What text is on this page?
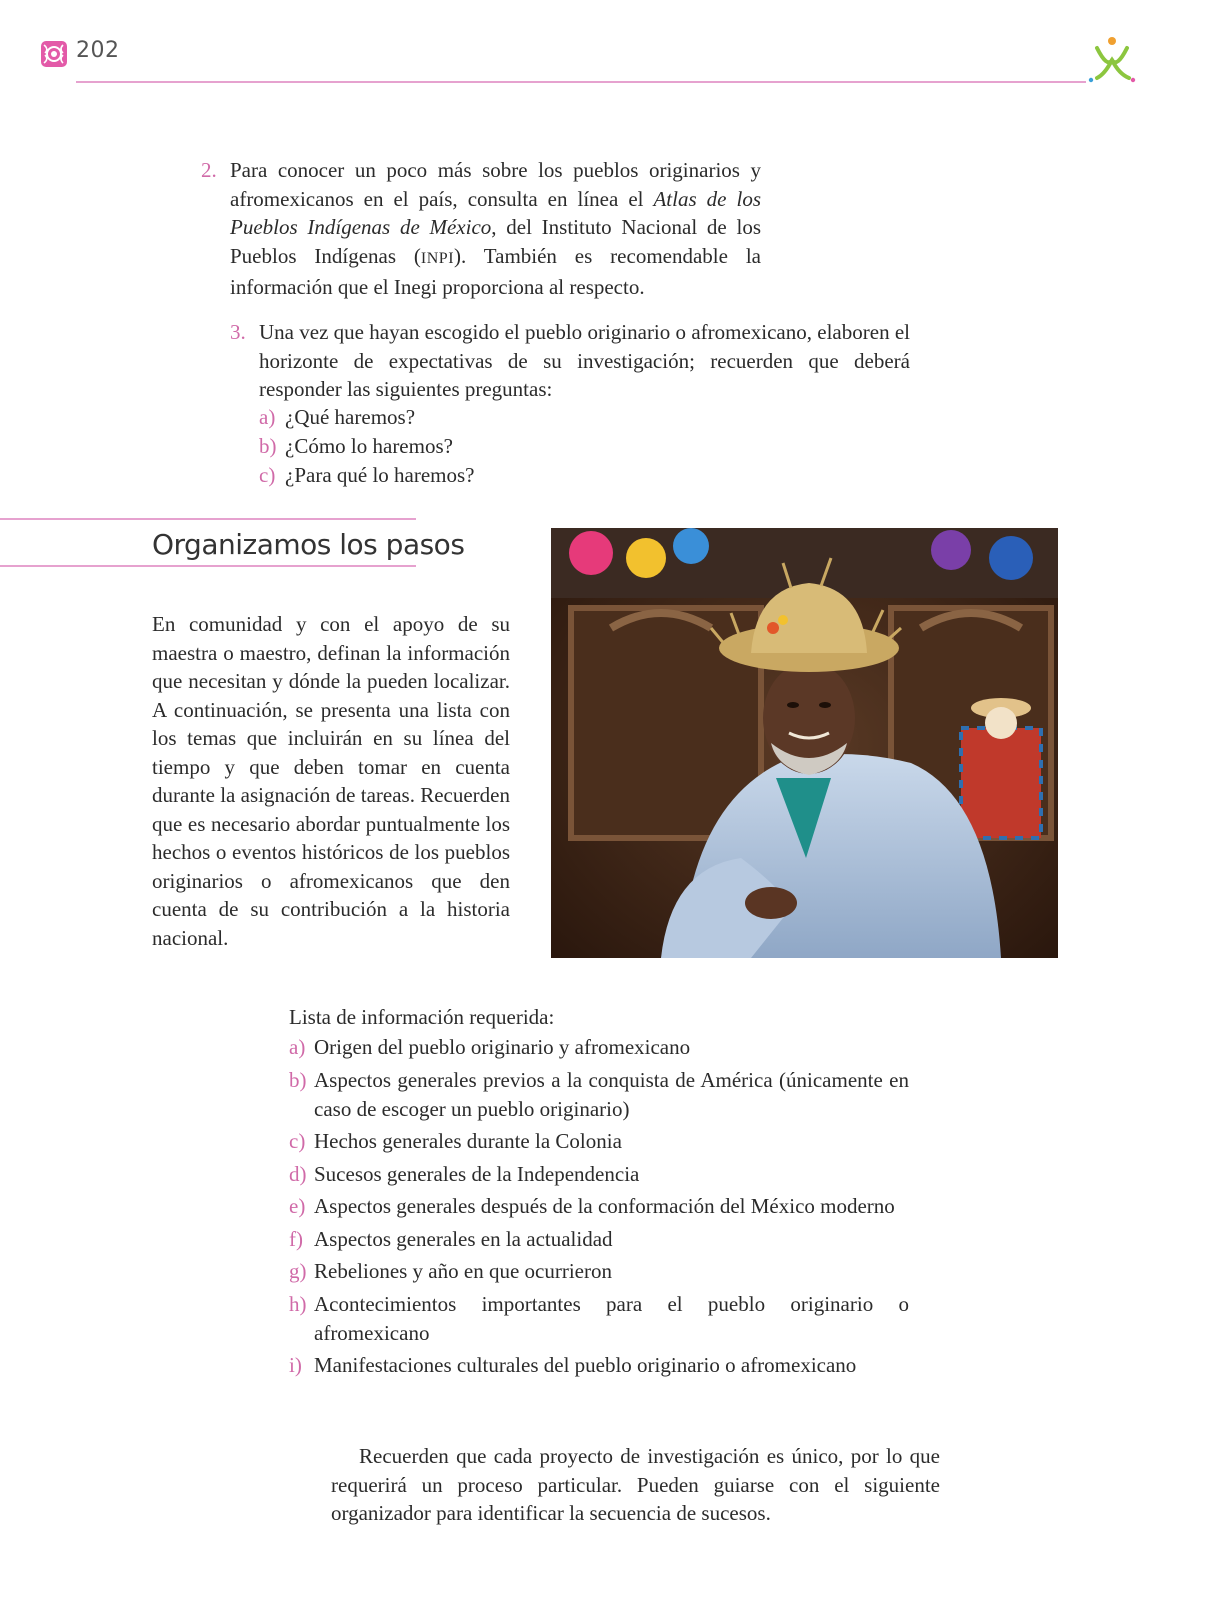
202
2. Para conocer un poco más sobre los pueblos originarios y afromexicanos en el país, consulta en línea el Atlas de los Pueblos Indígenas de México, del Instituto Nacional de los Pueblos Indígenas (INPI). También es recomendable la información que el Inegi proporciona al respecto.
3. Una vez que hayan escogido el pueblo originario o afromexicano, elaboren el horizonte de expectativas de su investigación; recuerden que deberá responder las siguientes preguntas:
a) ¿Qué haremos?
b) ¿Cómo lo haremos?
c) ¿Para qué lo haremos?
Organizamos los pasos
En comunidad y con el apoyo de su maestra o maestro, definan la información que necesitan y dónde la pueden localizar. A continuación, se presenta una lista con los temas que incluirán en su línea del tiempo y que deben tomar en cuenta durante la asignación de tareas. Recuerden que es necesario abordar puntualmente los hechos o eventos históricos de los pueblos originarios o afromexicanos que den cuenta de su contribución a la historia nacional.
Lista de información requerida:
a) Origen del pueblo originario y afromexicano
b) Aspectos generales previos a la conquista de América (únicamente en caso de escoger un pueblo originario)
c) Hechos generales durante la Colonia
d) Sucesos generales de la Independencia
e) Aspectos generales después de la conformación del México moderno
f) Aspectos generales en la actualidad
g) Rebeliones y año en que ocurrieron
h) Acontecimientos importantes para el pueblo originario o afromexicano
i) Manifestaciones culturales del pueblo originario o afromexicano
Recuerden que cada proyecto de investigación es único, por lo que requerirá un proceso particular. Pueden guiarse con el siguiente organizador para identificar la secuencia de sucesos.
